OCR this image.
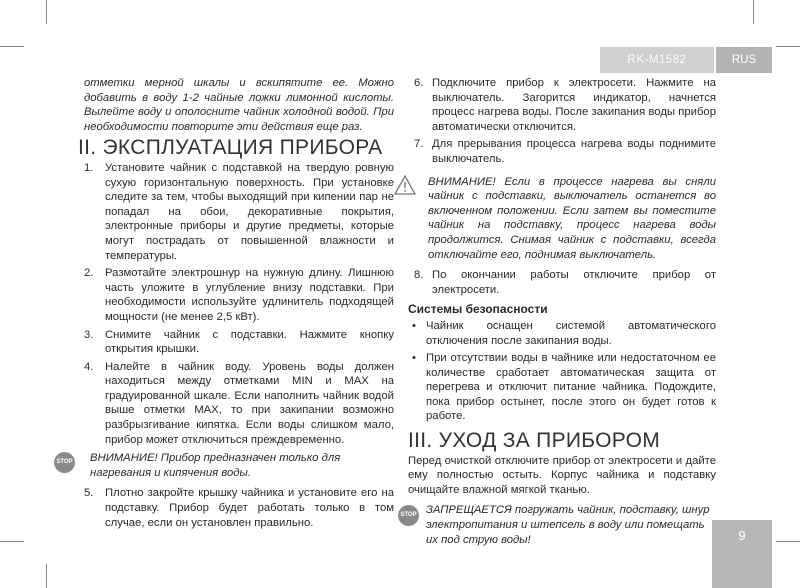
RK-M1582	RUS
9

отметки мерной шкалы и вскипятите ее. Можно добавить в воду 1-2 чайные ложки лимонной кислоты. Вылейте воду и ополосните чайник холодной водой. При необходимости повторите эти действия еще раз.

II. ЭКСПЛУАТАЦИЯ ПРИБОРА
1. Установите чайник с подставкой на твердую ровную сухую горизонтальную поверхность. При установке следите за тем, чтобы выходящий при кипении пар не попадал на обои, декоративные покрытия, электронные приборы и другие предметы, которые могут пострадать от повышенной влажности и температуры.
2. Размотайте электрошнур на нужную длину. Лишнюю часть уложите в углубление внизу подставки. При необходимости используйте удлинитель подходящей мощности (не менее 2,5 кВт).
3. Снимите чайник с подставки. Нажмите кнопку открытия крышки.
4. Налейте в чайник воду. Уровень воды должен находиться между отметками MIN и MAX на градуированной шкале. Если наполнить чайник водой выше отметки MAX, то при закипании возможно разбрызгивание кипятка. Если воды слишком мало, прибор может отключиться преждевременно.
STOP	ВНИМАНИЕ! Прибор предназначен только для нагревания и кипячения воды.

5. Плотно закройте крышку чайника и установите его на подставку. Прибор будет работать только в том случае, если он установлен правильно.
6. Подключите прибор к электросети. Нажмите на выключатель. Загорится индикатор, начнется процесс нагрева воды. После закипания воды прибор автоматически отключится.
7. Для прерывания процесса нагрева воды поднимите выключатель.

ВНИМАНИЕ! Если в процессе нагрева вы сняли чайник с подставки, выключатель останется во включенном положении. Если затем вы поместите чайник на подставку, процесс нагрева воды продолжится. Снимая чайник с подставки, всегда отключайте его, поднимая выключатель.

8. По окончании работы отключите прибор от электросети.
Системы безопасности
• Чайник оснащен системой автоматического отключения после закипания воды.
• При отсутствии воды в чайнике или недостаточном ее количестве сработает автоматическая защита от перегрева и отключит питание чайника. Подождите, пока прибор остынет, после этого он будет готов к работе.
III. УХОД ЗА ПРИБОРОМ

Перед очисткой отключите прибор от электросети и дайте ему полностью остыть. Корпус чайника и подставку очищайте влажной мягкой тканью.

STOP ЗАПРЕЩАЕТСЯ погружать чайник, подставку, шнур электропитания и штепсель в воду или помещать их под струю воды!
